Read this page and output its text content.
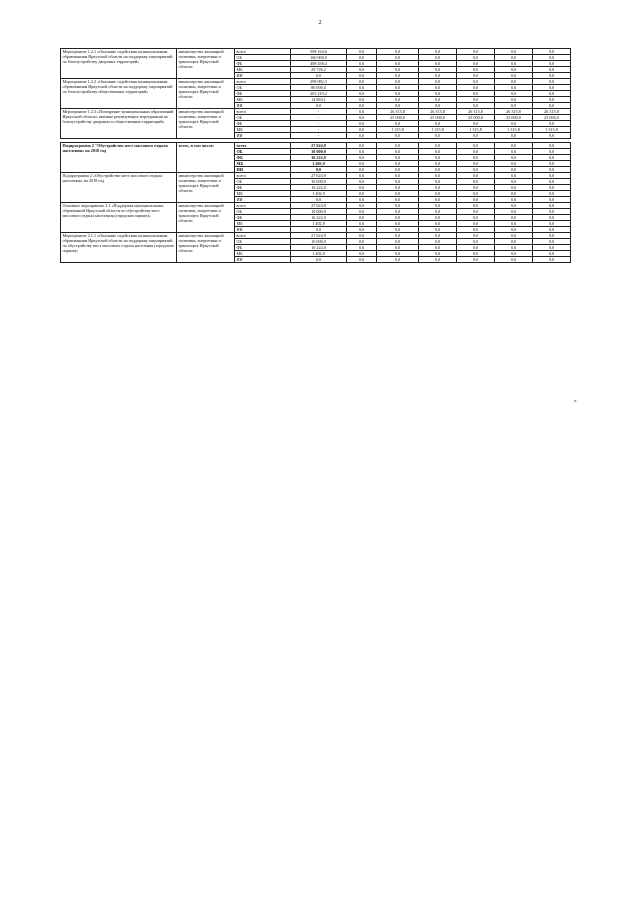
2
Мероприятие 1.2.1 «Оказание содействия муниципальным образованиям Иркутской области на поддержку мероприятий по благоустройству дворовых территорий»	министерство жилищной политики, энергетики и транспорта Иркутской области	всего	598 164,6	0,0	0,0	0,0	0,0	0,0	0,0
		ОБ	160 000,0	0,0	0,0	0,0	0,0	0,0	0,0
		ФБ	408 438,4	0,0	0,0	0,0	0,0	0,0	0,0
		МБ	29 726,2	0,0	0,0	0,0	0,0	0,0	0,0
		ИИ	0,0	0,0	0,0	0,0	0,0	0,0	0,0
Мероприятие 1.2.2 «Оказание содействия муниципальным образованиям Иркутской области на поддержку мероприятий по благоустройству общественных территорий»	министерство жилищной политики, энергетики и транспорта Иркутской области	всего	298 082,3	0,0	0,0	0,0	0,0	0,0	0,0
		ОБ	80 000,0	0,0	0,0	0,0	0,0	0,0	0,0
		ФБ	203 219,2	0,0	0,0	0,0	0,0	0,0	0,0
		МБ	14 863,1	0,0	0,0	0,0	0,0	0,0	0,0
		ИИ	0,0	0,0	0,0	0,0	0,0	0,0	0,0
Мероприятие 1.2.3 «Поощрение муниципальных образований Иркутской области, активно реализующих мероприятия по благоустройству дворовых и общественных территорий»	министерство жилищной политики, энергетики и транспорта Иркутской области	всего	-	0,0	26 315,8	26 315,8	26 315,8	26 315,8	26 315,8
		ОБ	-	0,0	25 000,0	25 000,0	25 000,0	25 000,0	25 000,0
		ФБ	-	0,0	0,0	0,0	0,0	0,0	0,0
		МБ	-	0,0	1 315,8	1 315,8	1 315,8	1 315,8	1 315,8
		ИИ	-	0,0	0,0	0,0	0,0	0,0	0,0

Подпрограмма 2 "Обустройство мест массового отдыха населения» на 2018 год	всего, в том числе:	всего	27 624,9	0,0	0,0	0,0	0,0	0,0	0,0
		ОБ	10 000,0	0,0	0,0	0,0	0,0	0,0	0,0
		ФБ	16 222,0	0,0	0,0	0,0	0,0	0,0	0,0
		МБ	1 402,9	0,0	0,0	0,0	0,0	0,0	0,0
		ИИ	0,0	0,0	0,0	0,0	0,0	0,0	0,0
Подпрограмма 2 «Обустройство мест массового отдыха населения» на 2018 год	министерство жилищной политики, энергетики и транспорта Иркутской области	всего	27 624,9	0,0	0,0	0,0	0,0	0,0	0,0
		ОБ	10 000,0	0,0	0,0	0,0	0,0	0,0	0,0
		ФБ	16 222,0	0,0	0,0	0,0	0,0	0,0	0,0
		МБ	1 402,9	0,0	0,0	0,0	0,0	0,0	0,0
		ИИ	0,0	0,0	0,0	0,0	0,0	0,0	0,0
Основное мероприятие 2.1 «Поддержка муниципальных образований Иркутской области по обустройству мест массового отдыха населения (городских парков)»	министерство жилищной политики, энергетики и транспорта Иркутской области	всего	27 624,9	0,0	0,0	0,0	0,0	0,0	0,0
		ОБ	10 000,0	0,0	0,0	0,0	0,0	0,0	0,0
		ФБ	16 222,0	0,0	0,0	0,0	0,0	0,0	0,0
		МБ	1 402,9	0,0	0,0	0,0	0,0	0,0	0,0
		ИИ	0,0	0,0	0,0	0,0	0,0	0,0	0,0
Мероприятие 2.1.1 «Оказание содействия муниципальным образованиям Иркутской области на поддержку мероприятий по обустройству мест массового отдыха населения (городских парков)»	министерство жилищной политики, энергетики и транспорта Иркутской области	всего	27 624,9	0,0	0,0	0,0	0,0	0,0	0,0
		ОБ	10 000,0	0,0	0,0	0,0	0,0	0,0	0,0
		ФБ	16 222,0	0,0	0,0	0,0	0,0	0,0	0,0
		МБ	1 402,9	0,0	0,0	0,0	0,0	0,0	0,0
		ИИ	0,0	0,0	0,0	0,0	0,0	0,0	0,0
».
